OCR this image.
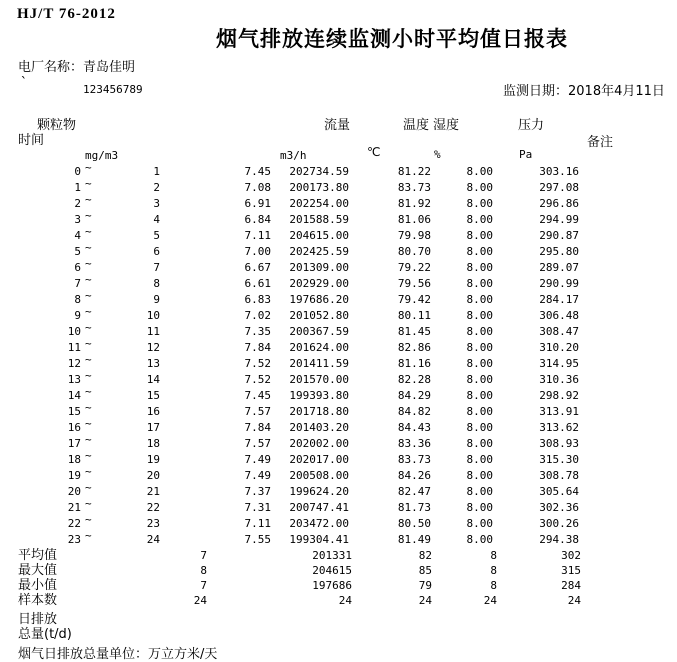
HJ/T 76-2012
烟气排放连续监测小时平均值日报表
电厂名称：青岛佳明
`	123456789	监测日期：2018年4月11日
颗粒物	流量	温度 湿度	压力
时间	备注
mg/m3	m3/h	℃	%	Pa
0 ~	1	7.45	202734.59	81.22	8.00	303.16
1 ~	2	7.08	200173.80	83.73	8.00	297.08
2 ~	3	6.91	202254.00	81.92	8.00	296.86
3 ~	4	6.84	201588.59	81.06	8.00	294.99
4 ~	5	7.11	204615.00	79.98	8.00	290.87
5 ~	6	7.00	202425.59	80.70	8.00	295.80
6 ~	7	6.67	201309.00	79.22	8.00	289.07
7 ~	8	6.61	202929.00	79.56	8.00	290.99
8 ~	9	6.83	197686.20	79.42	8.00	284.17
9 ~	10	7.02	201052.80	80.11	8.00	306.48
10 ~	11	7.35	200367.59	81.45	8.00	308.47
11 ~	12	7.84	201624.00	82.86	8.00	310.20
12 ~	13	7.52	201411.59	81.16	8.00	314.95
13 ~	14	7.52	201570.00	82.28	8.00	310.36
14 ~	15	7.45	199393.80	84.29	8.00	298.92
15 ~	16	7.57	201718.80	84.82	8.00	313.91
16 ~	17	7.84	201403.20	84.43	8.00	313.62
17 ~	18	7.57	202002.00	83.36	8.00	308.93
18 ~	19	7.49	202017.00	83.73	8.00	315.30
19 ~	20	7.49	200508.00	84.26	8.00	308.78
20 ~	21	7.37	199624.20	82.47	8.00	305.64
21 ~	22	7.31	200747.41	81.73	8.00	302.36
22 ~	23	7.11	203472.00	80.50	8.00	300.26
23 ~	24	7.55	199304.41	81.49	8.00	294.38
平均值	7	201331	82	8	302
最大值	8	204615	85	8	315
最小值	7	197686	79	8	284
样本数	24	24	24	24	24
日排放
总量(t/d)
烟气日排放总量单位：万立方米/天
